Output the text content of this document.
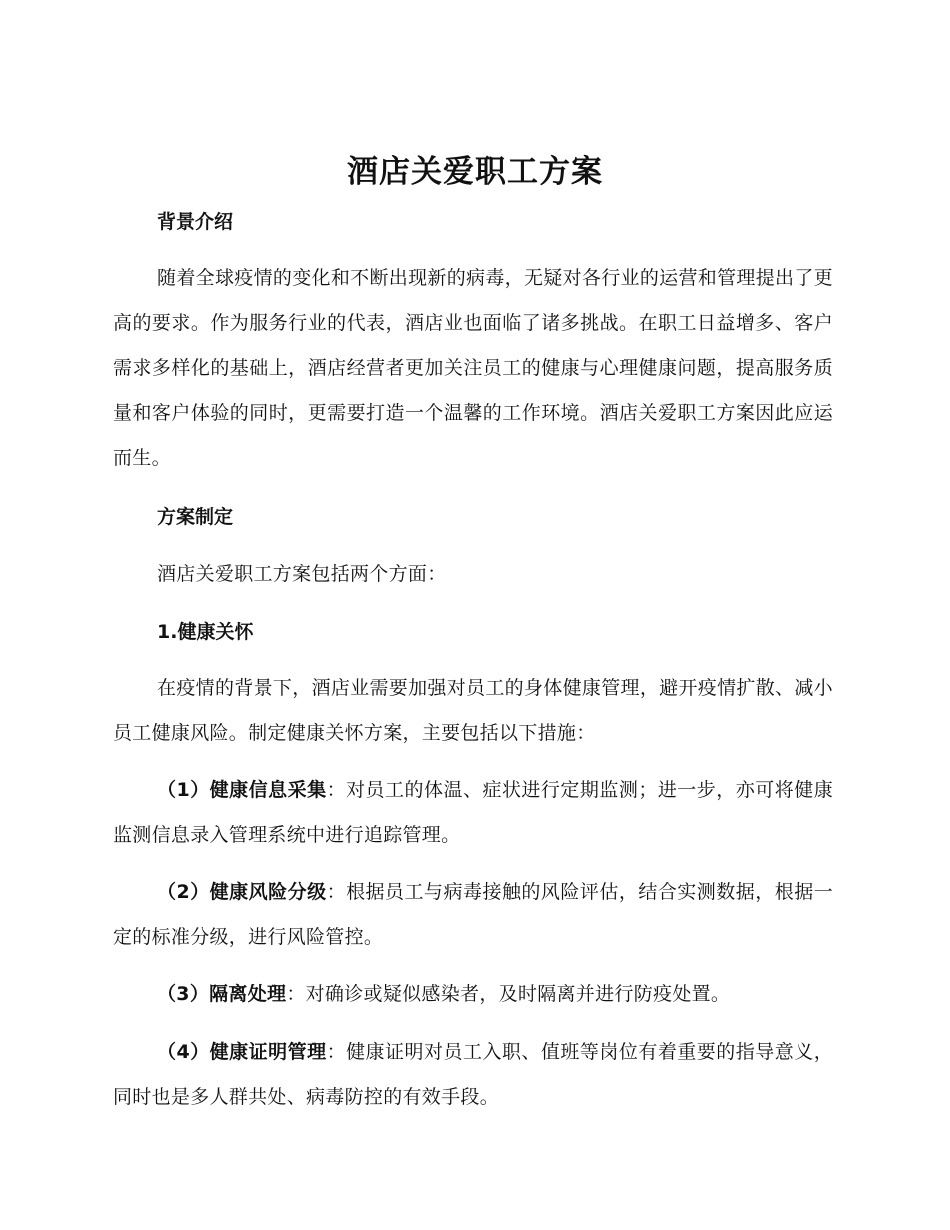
酒店关爱职工方案
背景介绍
随着全球疫情的变化和不断出现新的病毒，无疑对各行业的运营和管理提出了更高的要求。作为服务行业的代表，酒店业也面临了诸多挑战。在职工日益增多、客户需求多样化的基础上，酒店经营者更加关注员工的健康与心理健康问题，提高服务质量和客户体验的同时，更需要打造一个温馨的工作环境。酒店关爱职工方案因此应运而生。
方案制定
酒店关爱职工方案包括两个方面：
1.健康关怀
在疫情的背景下，酒店业需要加强对员工的身体健康管理，避开疫情扩散、减小员工健康风险。制定健康关怀方案，主要包括以下措施：
（1）健康信息采集：对员工的体温、症状进行定期监测；进一步，亦可将健康监测信息录入管理系统中进行追踪管理。
（2）健康风险分级：根据员工与病毒接触的风险评估，结合实测数据，根据一定的标准分级，进行风险管控。
（3）隔离处理：对确诊或疑似感染者，及时隔离并进行防疫处置。
（4）健康证明管理：健康证明对员工入职、值班等岗位有着重要的指导意义，同时也是多人群共处、病毒防控的有效手段。
